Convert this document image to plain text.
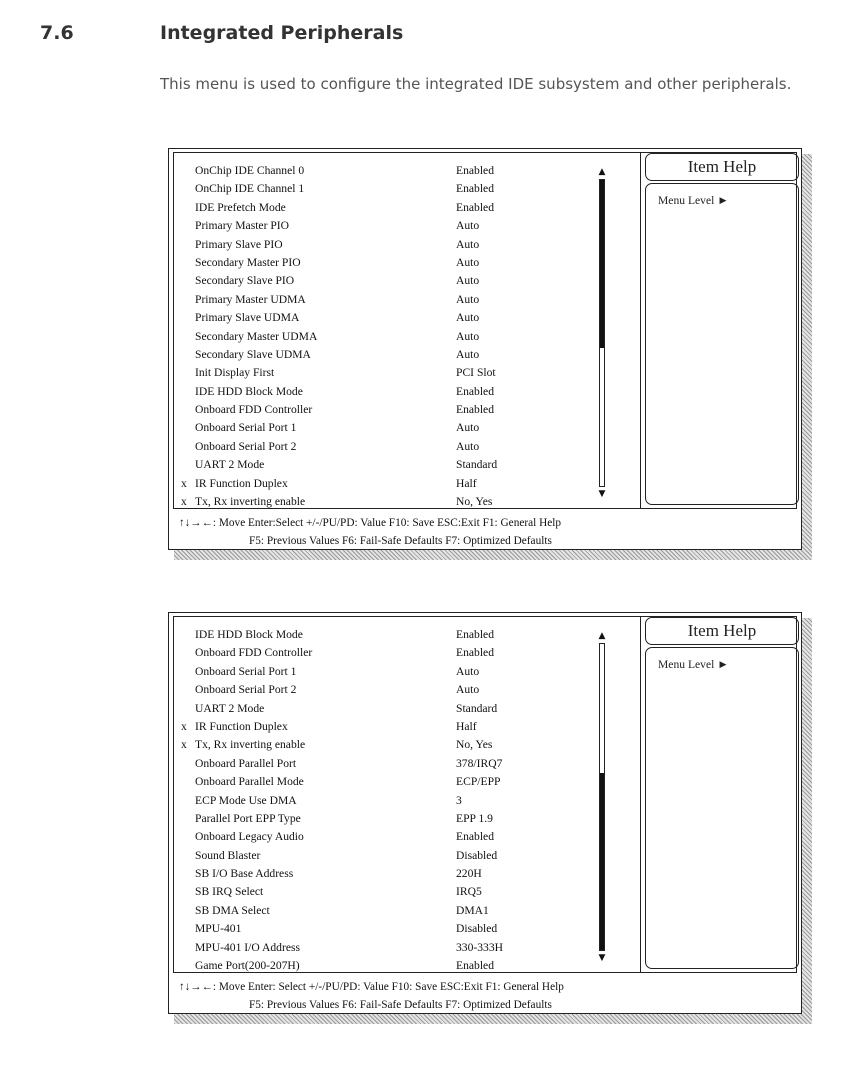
7.6	Integrated Peripherals
This menu is used to configure the integrated IDE subsystem and other peripherals.
OnChip IDE Channel 0	Enabled
OnChip IDE Channel 1	Enabled
IDE Prefetch Mode	Enabled
Primary Master PIO	Auto
Primary Slave PIO	Auto
Secondary Master PIO	Auto
Secondary Slave PIO	Auto
Primary Master UDMA	Auto
Primary Slave UDMA	Auto
Secondary Master UDMA	Auto
Secondary Slave UDMA	Auto
Init Display First	PCI Slot
IDE HDD Block Mode	Enabled
Onboard FDD Controller	Enabled
Onboard Serial Port 1	Auto
Onboard Serial Port 2	Auto
UART 2 Mode	Standard
x IR Function Duplex	Half
x Tx, Rx inverting enable	No, Yes
▲
▼
Item Help
Menu Level ►
↑↓→←: Move Enter:Select +/-/PU/PD: Value F10: Save ESC:Exit F1: General Help
F5: Previous Values F6: Fail-Safe Defaults F7: Optimized Defaults
IDE HDD Block Mode	Enabled
Onboard FDD Controller	Enabled
Onboard Serial Port 1	Auto
Onboard Serial Port 2	Auto
UART 2 Mode	Standard
x IR Function Duplex	Half
x Tx, Rx inverting enable	No, Yes
Onboard Parallel Port	378/IRQ7
Onboard Parallel Mode	ECP/EPP
ECP Mode Use DMA	3
Parallel Port EPP Type	EPP 1.9
Onboard Legacy Audio	Enabled
Sound Blaster	Disabled
SB I/O Base Address	220H
SB IRQ Select	IRQ5
SB DMA Select	DMA1
MPU-401	Disabled
MPU-401 I/O Address	330-333H
Game Port(200-207H)	Enabled
▲
▼
Item Help
Menu Level ►
↑↓→←: Move Enter: Select +/-/PU/PD: Value F10: Save ESC:Exit F1: General Help
F5: Previous Values F6: Fail-Safe Defaults F7: Optimized Defaults
